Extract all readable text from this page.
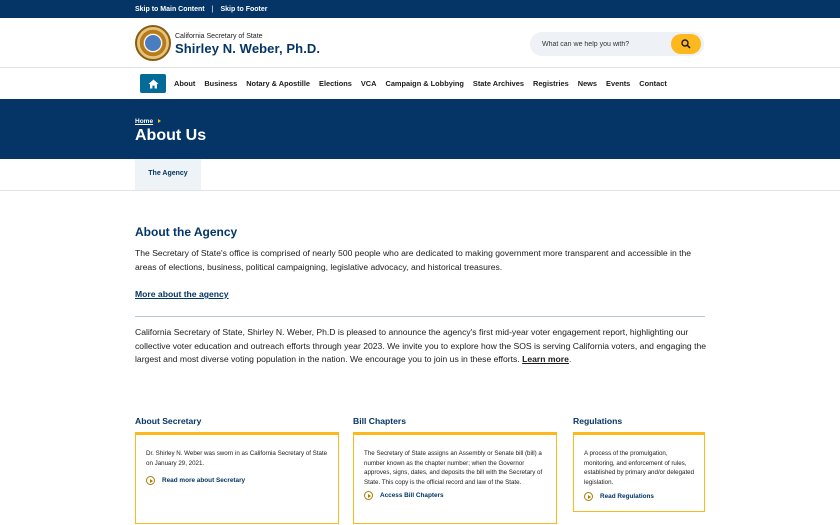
Skip to Main Content | Skip to Footer
California Secretary of State
Shirley N. Weber, Ph.D.
What can we help you with?
About Business Notary & Apostille Elections VCA Campaign & Lobbying State Archives Registries News Events Contact
Home
About Us
The Agency
About the Agency

The Secretary of State's office is comprised of nearly 500 people who are dedicated to making government more transparent and accessible in the areas of elections, business, political campaigning, legislative advocacy, and historical treasures.

More about the agency

California Secretary of State, Shirley N. Weber, Ph.D is pleased to announce the agency's first mid-year voter engagement report, highlighting our collective voter education and outreach efforts through year 2023. We invite you to explore how the SOS is serving California voters, and engaging the largest and most diverse voting population in the nation. We encourage you to join us in these efforts. Learn more.

About Secretary

Dr. Shirley N. Weber was sworn in as California Secretary of State on January 29, 2021.

Read more about Secretary
Bill Chapters

The Secretary of State assigns an Assembly or Senate bill (bill) a number known as the chapter number; when the Governor approves, signs, dates, and deposits the bill with the Secretary of State. This copy is the official record and law of the State.

Access Bill Chapters
Regulations

A process of the promulgation, monitoring, and enforcement of rules, established by primary and/or delegated legislation.

Read Regulations
